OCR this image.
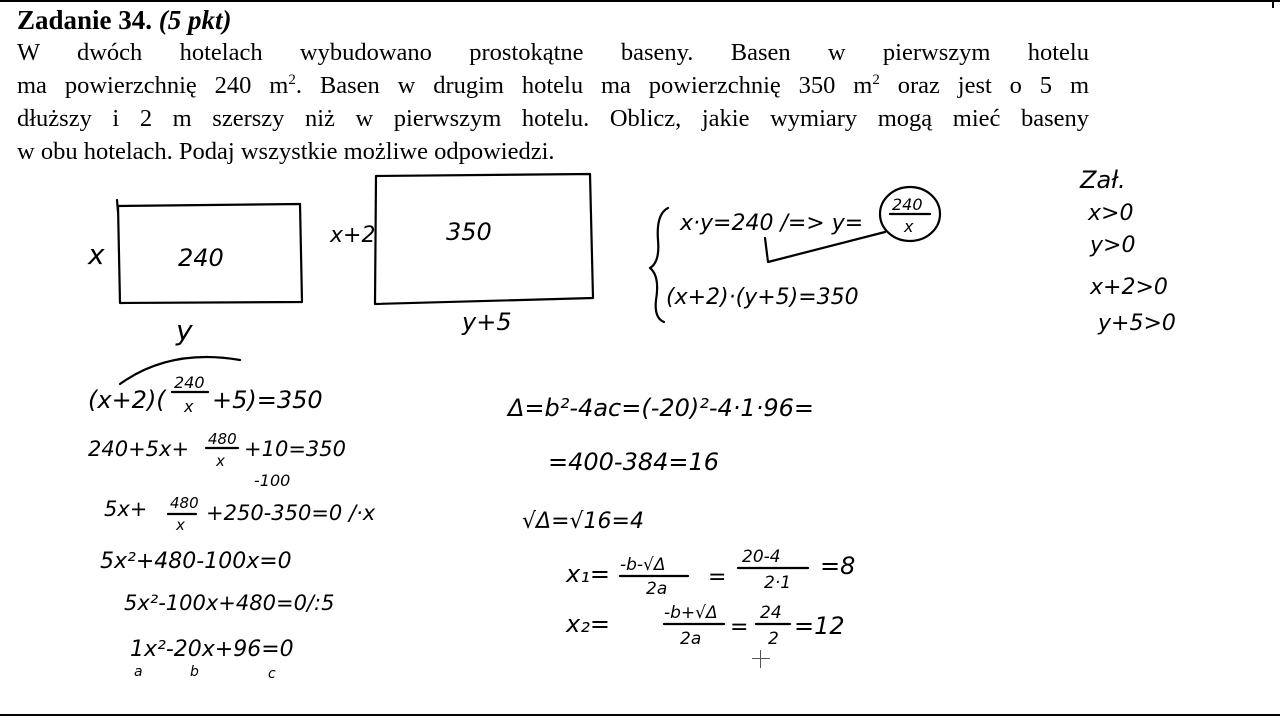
Zadanie 34. (5 pkt)

W dwóch hotelach wybudowano prostokątne baseny. Basen w pierwszym hotelu
ma powierzchnię 240 $m^2$. Basen w drugim hotelu ma powierzchnię 350 $m^2$ oraz jest o 5 m
dłuższy i 2 m szerszy niż w pierwszym hotelu. Oblicz, jakie wymiary mogą mieć baseny
w obu hotelach. Podaj wszystkie możliwe odpowiedzi.

240
x
y
350
x+2
y+5
x·y=240 /=> y=
240
x
(x+2)·(y+5)=350
Zał.
x>0
y>0
x+2>0
y+5>0
(x+2)(
240
x +5)=350
240+5x+ 480
x +10=350
-100
5x+ 480
x +250-350=0 /·x
5x²+480-100x=0
5x²-100x+480=0/:5
1x²-20x+96=0
a	b	c
Δ=b²-4ac=(-20)²-4·1·96=
=400-384=16
√Δ=√16=4
x₁= -b-√Δ
2a =
20-4
2·1
=8
x₂=	-b+√Δ
2a =
24
2 =12
